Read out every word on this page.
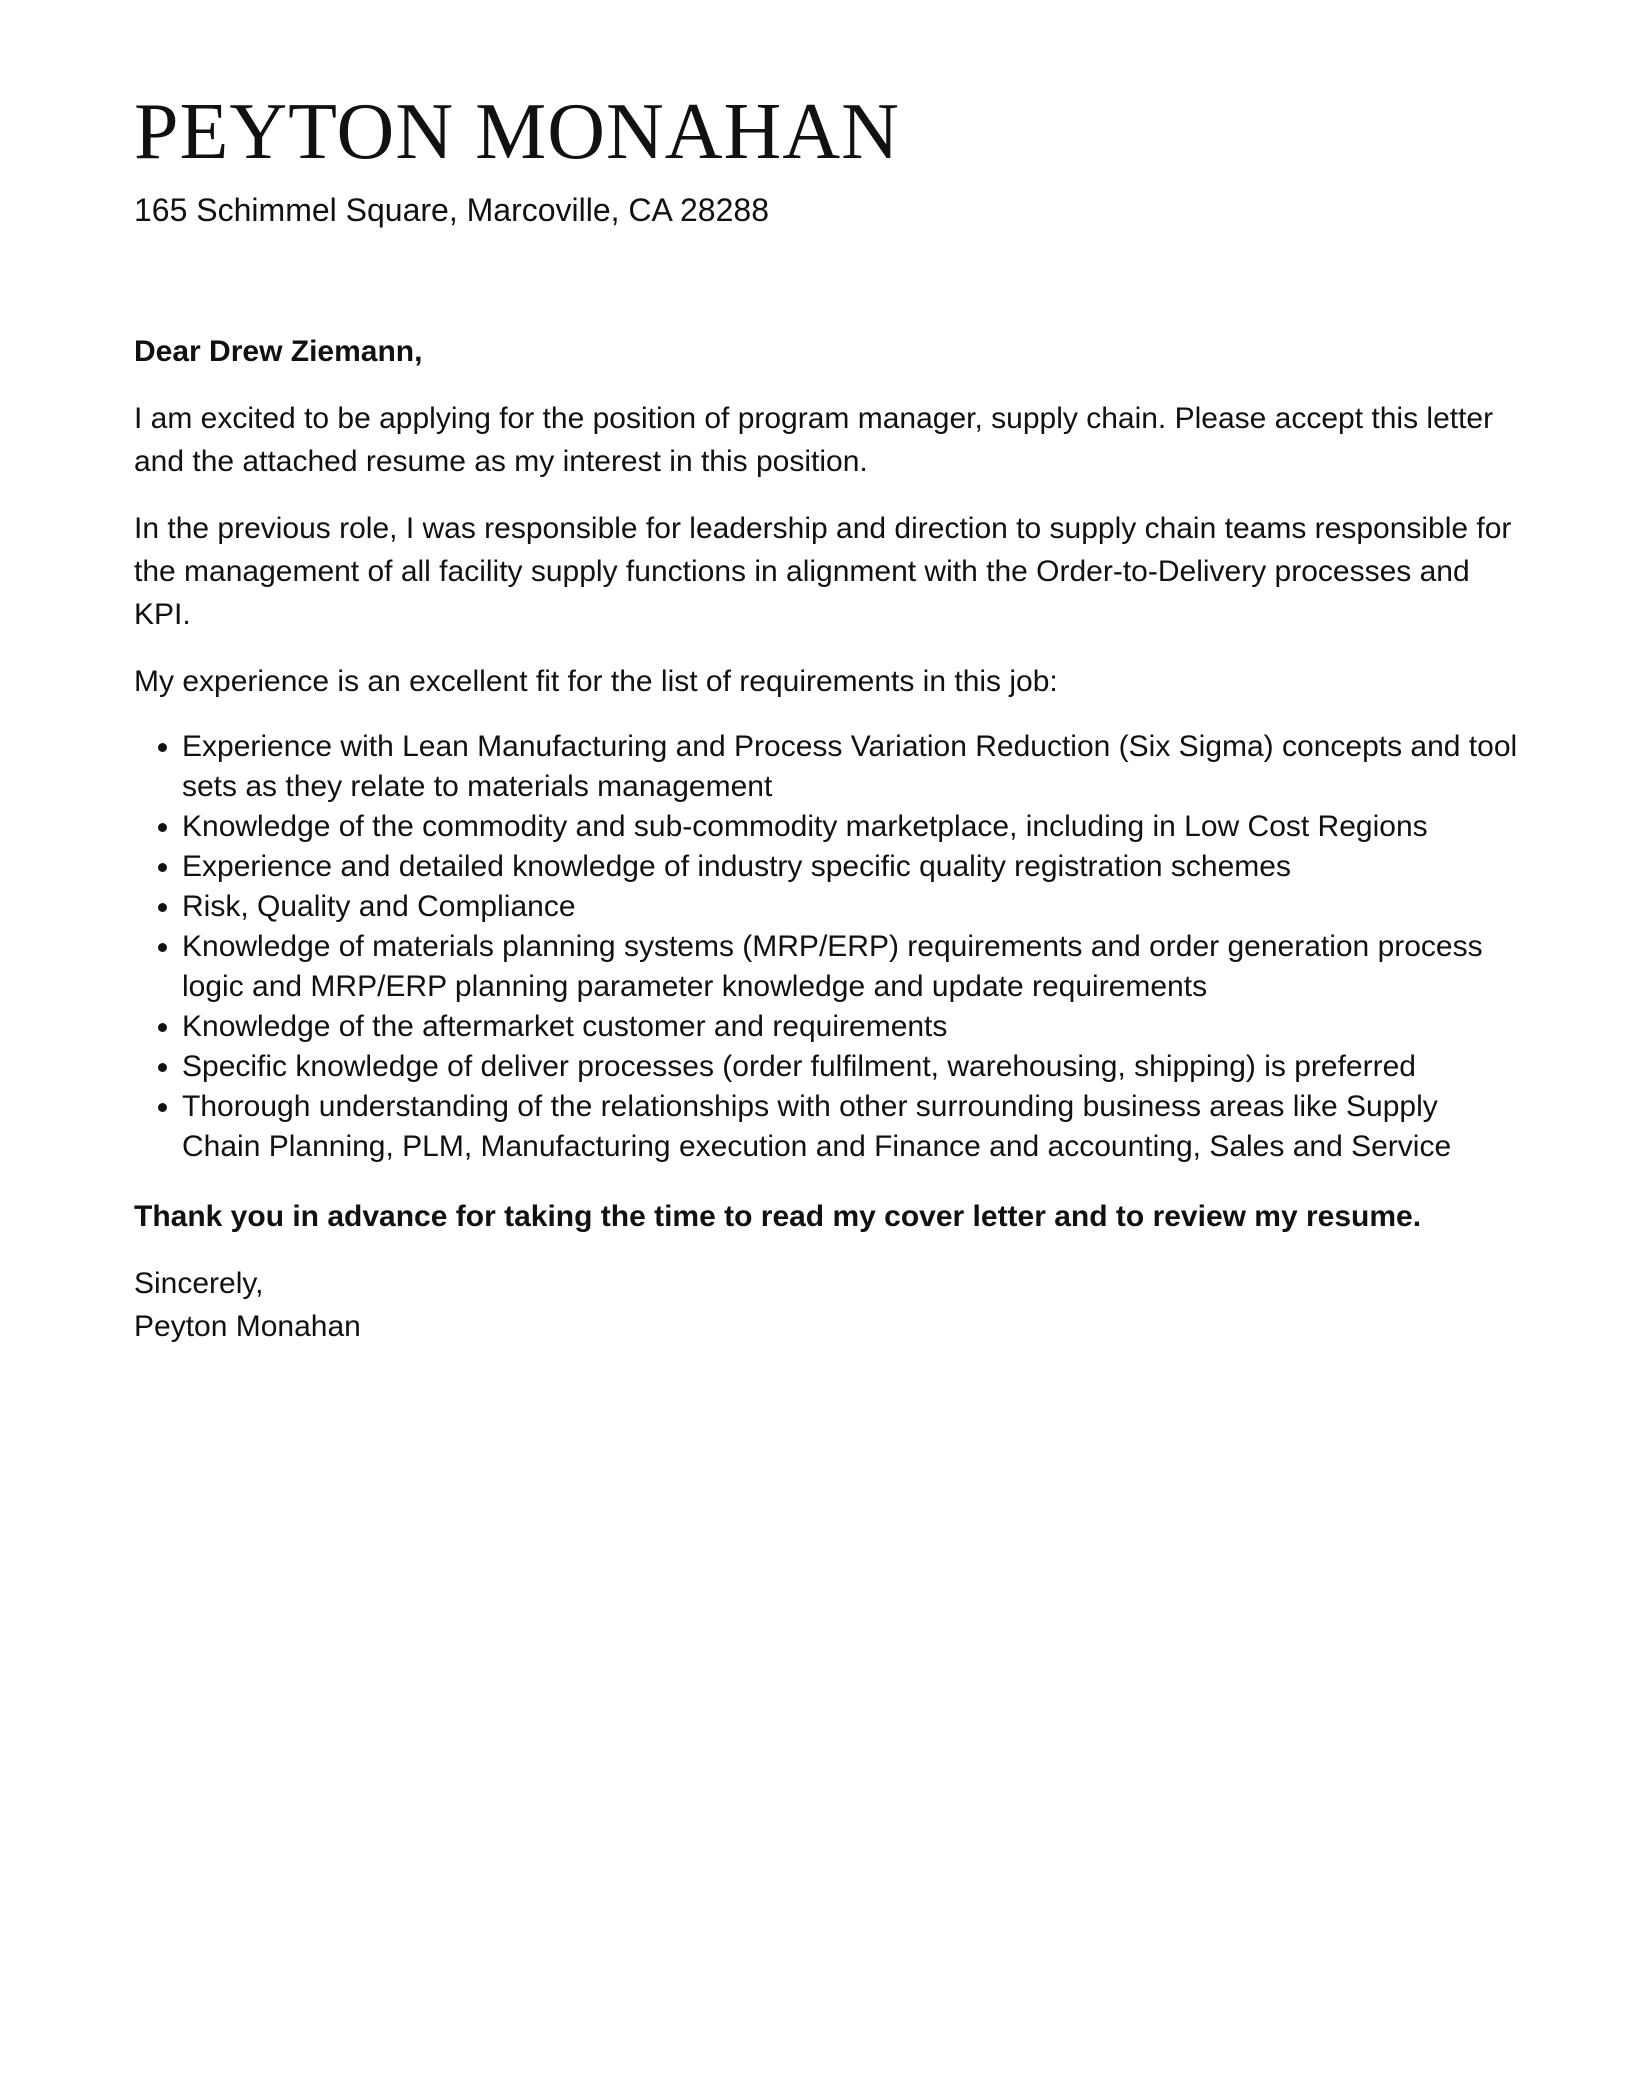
PEYTON MONAHAN

165 Schimmel Square, Marcoville, CA 28288

Dear Drew Ziemann,

I am excited to be applying for the position of program manager, supply chain. Please accept this letter and the attached resume as my interest in this position.

In the previous role, I was responsible for leadership and direction to supply chain teams responsible for the management of all facility supply functions in alignment with the Order-to-Delivery processes and KPI.

My experience is an excellent fit for the list of requirements in this job:

• Experience with Lean Manufacturing and Process Variation Reduction (Six Sigma) concepts and tool sets as they relate to materials management
• Knowledge of the commodity and sub-commodity marketplace, including in Low Cost Regions
• Experience and detailed knowledge of industry specific quality registration schemes
• Risk, Quality and Compliance
• Knowledge of materials planning systems (MRP/ERP) requirements and order generation process logic and MRP/ERP planning parameter knowledge and update requirements
• Knowledge of the aftermarket customer and requirements
• Specific knowledge of deliver processes (order fulfilment, warehousing, shipping) is preferred
• Thorough understanding of the relationships with other surrounding business areas like Supply Chain Planning, PLM, Manufacturing execution and Finance and accounting, Sales and Service

Thank you in advance for taking the time to read my cover letter and to review my resume.

Sincerely,

Peyton Monahan
